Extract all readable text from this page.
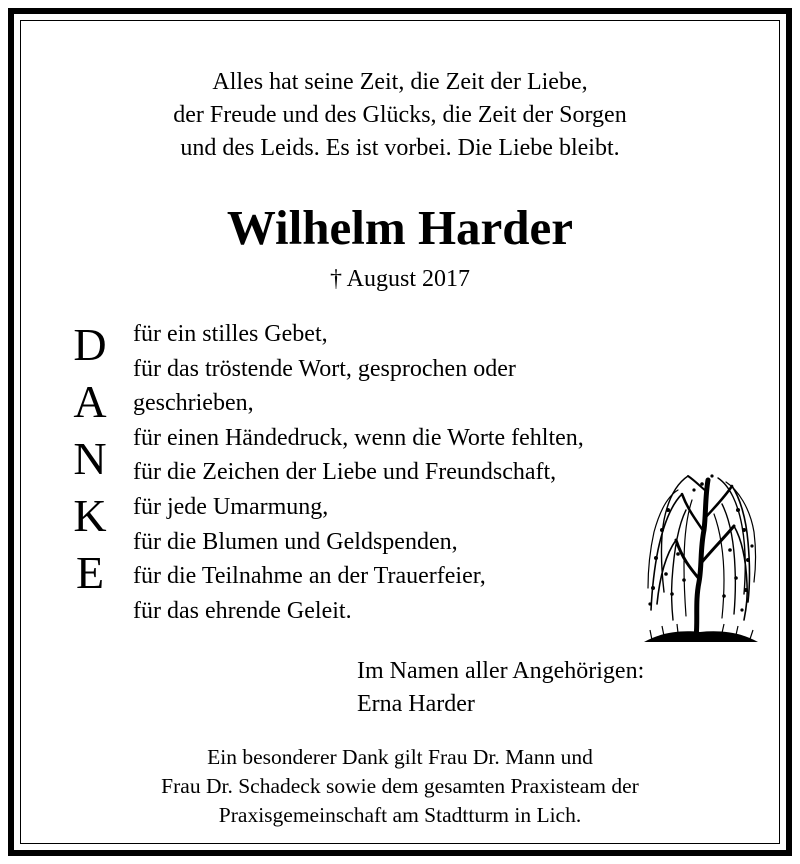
Alles hat seine Zeit, die Zeit der Liebe,
der Freude und des Glücks, die Zeit der Sorgen
und des Leids. Es ist vorbei. Die Liebe bleibt.
Wilhelm Harder
† August 2017
D
A
N
K
E
für ein stilles Gebet,
für das tröstende Wort, gesprochen oder
geschrieben,
für einen Händedruck, wenn die Worte fehlten,
für die Zeichen der Liebe und Freundschaft,
für jede Umarmung,
für die Blumen und Geldspenden,
für die Teilnahme an der Trauerfeier,
für das ehrende Geleit.
Im Namen aller Angehörigen:
Erna Harder
Ein besonderer Dank gilt Frau Dr. Mann und
Frau Dr. Schadeck sowie dem gesamten Praxisteam der
Praxisgemeinschaft am Stadtturm in Lich.
